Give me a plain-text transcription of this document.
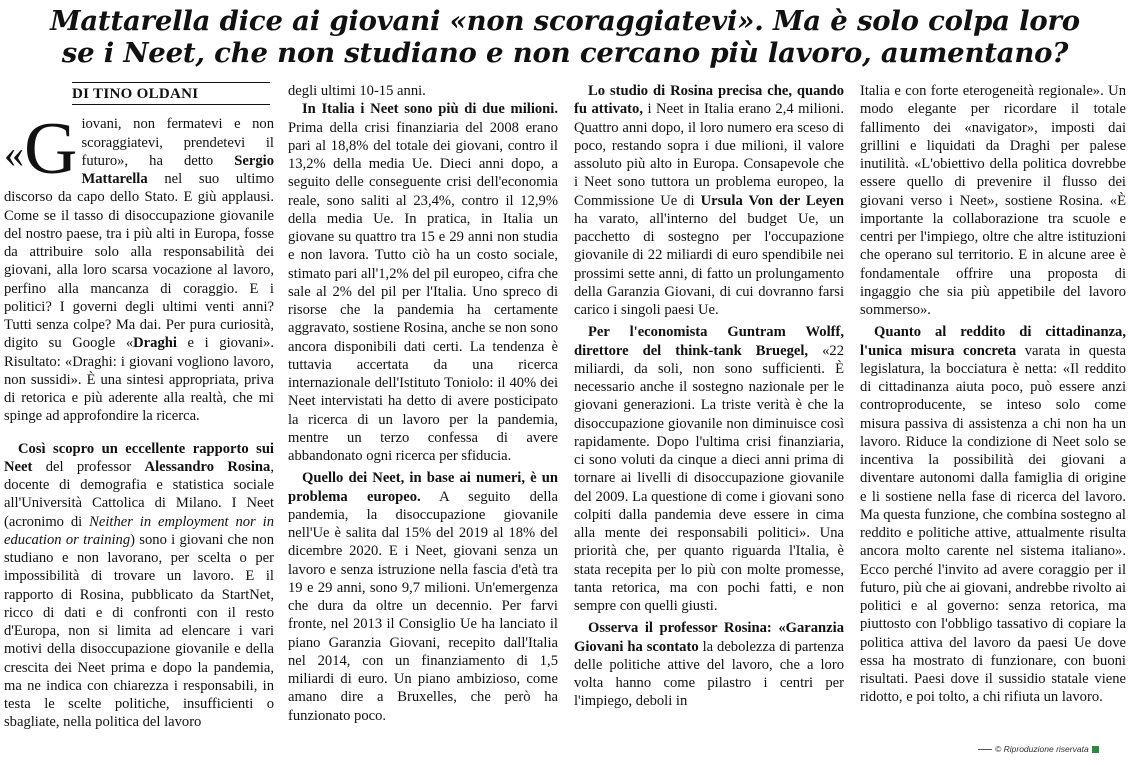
Mattarella dice ai giovani «non scoraggiatevi». Ma è solo colpa loro
se i Neet, che non studiano e non cercano più lavoro, aumentano?
DI TINO OLDANI

« G iovani, non fermatevi e non scoraggiatevi, prendetevi il futuro», ha detto Sergio Mattarella nel suo ultimo discorso da capo dello Stato. E giù applausi. Come se il tasso di disoccupazione giovanile del nostro paese, tra i più alti in Europa, fosse da attribuire solo alla responsabilità dei giovani, alla loro scarsa vocazione al lavoro, perfino alla mancanza di coraggio. E i politici? I governi degli ultimi venti anni? Tutti senza colpe? Ma dai. Per pura curiosità, digito su Google «Draghi e i giovani». Risultato: «Draghi: i giovani vogliono lavoro, non sussidi». È una sintesi appropriata, priva di retorica e più aderente alla realtà, che mi spinge ad approfondire la ricerca.

Così scopro un eccellente rapporto sui Neet del professor Alessandro Rosina, docente di demografia e statistica sociale all'Università Cattolica di Milano. I Neet (acronimo di Neither in employment nor in education or training) sono i giovani che non studiano e non lavorano, per scelta o per impossibilità di trovare un lavoro. E il rapporto di Rosina, pubblicato da StartNet, ricco di dati e di confronti con il resto d'Europa, non si limita ad elencare i vari motivi della disoccupazione giovanile e della crescita dei Neet prima e dopo la pandemia, ma ne indica con chiarezza i responsabili, in testa le scelte politiche, insufficienti o sbagliate, nella politica del lavoro

degli ultimi 10-15 anni.

In Italia i Neet sono più di due milioni. Prima della crisi finanziaria del 2008 erano pari al 18,8% del totale dei giovani, contro il 13,2% della media Ue. Dieci anni dopo, a seguito delle conseguente crisi dell'economia reale, sono saliti al 23,4%, contro il 12,9% della media Ue. In pratica, in Italia un giovane su quattro tra 15 e 29 anni non studia e non lavora. Tutto ciò ha un costo sociale, stimato pari all'1,2% del pil europeo, cifra che sale al 2% del pil per l'Italia. Uno spreco di risorse che la pandemia ha certamente aggravato, sostiene Rosina, anche se non sono ancora disponibili dati certi. La tendenza è tuttavia accertata da una ricerca internazionale dell'Istituto Toniolo: il 40% dei Neet intervistati ha detto di avere posticipato la ricerca di un lavoro per la pandemia, mentre un terzo confessa di avere abbandonato ogni ricerca per sfiducia.

Quello dei Neet, in base ai numeri, è un problema europeo. A seguito della pandemia, la disoccupazione giovanile nell'Ue è salita dal 15% del 2019 al 18% del dicembre 2020. E i Neet, giovani senza un lavoro e senza istruzione nella fascia d'età tra 19 e 29 anni, sono 9,7 milioni. Un'emergenza che dura da oltre un decennio. Per farvi fronte, nel 2013 il Consiglio Ue ha lanciato il piano Garanzia Giovani, recepito dall'Italia nel 2014, con un finanziamento di 1,5 miliardi di euro. Un piano ambizioso, come amano dire a Bruxelles, che però ha funzionato poco.

Lo studio di Rosina precisa che, quando fu attivato, i Neet in Italia erano 2,4 milioni. Quattro anni dopo, il loro numero era sceso di poco, restando sopra i due milioni, il valore assoluto più alto in Europa. Consapevole che i Neet sono tuttora un problema europeo, la Commissione Ue di Ursula Von der Leyen ha varato, all'interno del budget Ue, un pacchetto di sostegno per l'occupazione giovanile di 22 miliardi di euro spendibile nei prossimi sette anni, di fatto un prolungamento della Garanzia Giovani, di cui dovranno farsi carico i singoli paesi Ue.

Per l'economista Guntram Wolff, direttore del think-tank Bruegel, «22 miliardi, da soli, non sono sufficienti. È necessario anche il sostegno nazionale per le giovani generazioni. La triste verità è che la disoccupazione giovanile non diminuisce così rapidamente. Dopo l'ultima crisi finanziaria, ci sono voluti da cinque a dieci anni prima di tornare ai livelli di disoccupazione giovanile del 2009. La questione di come i giovani sono colpiti dalla pandemia deve essere in cima alla mente dei responsabili politici». Una priorità che, per quanto riguarda l'Italia, è stata recepita per lo più con molte promesse, tanta retorica, ma con pochi fatti, e non sempre con quelli giusti.

Osserva il professor Rosina: «Garanzia Giovani ha scontato la debolezza di partenza delle politiche attive del lavoro, che a loro volta hanno come pilastro i centri per l'impiego, deboli in

Italia e con forte eterogeneità regionale». Un modo elegante per ricordare il totale fallimento dei «navigator», imposti dai grillini e liquidati da Draghi per palese inutilità. «L'obiettivo della politica dovrebbe essere quello di prevenire il flusso dei giovani verso i Neet», sostiene Rosina. «È importante la collaborazione tra scuole e centri per l'impiego, oltre che altre istituzioni che operano sul territorio. E in alcune aree è fondamentale offrire una proposta di ingaggio che sia più appetibile del lavoro sommerso».

Quanto al reddito di cittadinanza, l'unica misura concreta varata in questa legislatura, la bocciatura è netta: «Il reddito di cittadinanza aiuta poco, può essere anzi controproducente, se inteso solo come misura passiva di assistenza a chi non ha un lavoro. Riduce la condizione di Neet solo se incentiva la possibilità dei giovani a diventare autonomi dalla famiglia di origine e li sostiene nella fase di ricerca del lavoro. Ma questa funzione, che combina sostegno al reddito e politiche attive, attualmente risulta ancora molto carente nel sistema italiano». Ecco perché l'invito ad avere coraggio per il futuro, più che ai giovani, andrebbe rivolto ai politici e al governo: senza retorica, ma piuttosto con l'obbligo tassativo di copiare la politica attiva del lavoro da paesi Ue dove essa ha mostrato di funzionare, con buoni risultati. Paesi dove il sussidio statale viene ridotto, e poi tolto, a chi rifiuta un lavoro.

© Riproduzione riservata
